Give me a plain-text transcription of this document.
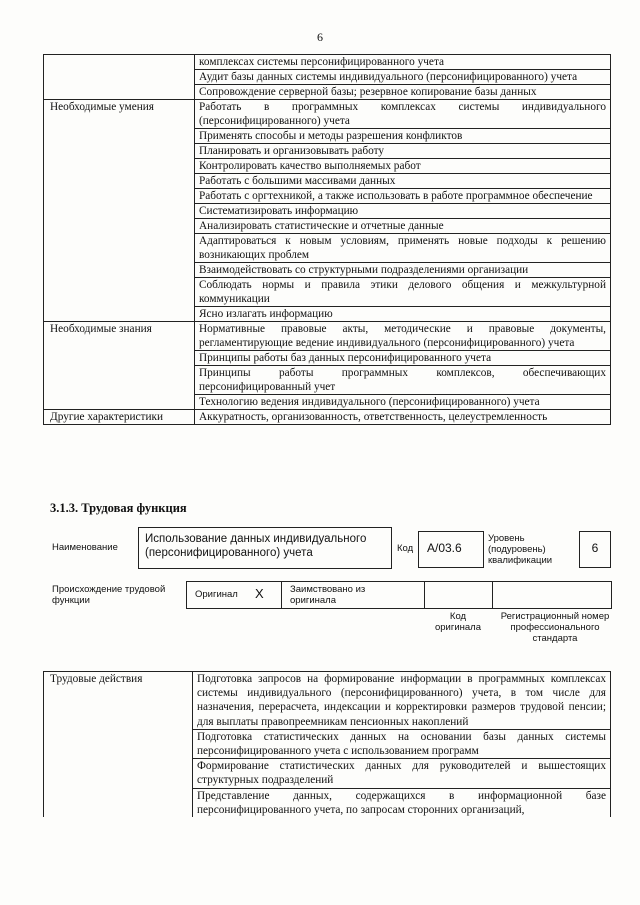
6
	комплексах системы персонифицированного учета
	Аудит базы данных системы индивидуального (персонифицированного) учета
	Сопровождение серверной базы; резервное копирование базы данных
Необходимые умения	Работать в программных комплексах системы индивидуального (персонифицированного) учета
	Применять способы и методы разрешения конфликтов
	Планировать и организовывать работу
	Контролировать качество выполняемых работ
	Работать с большими массивами данных
	Работать с оргтехникой, а также использовать в работе программное обеспечение
	Систематизировать информацию
	Анализировать статистические и отчетные данные
	Адаптироваться к новым условиям, применять новые подходы к решению возникающих проблем
	Взаимодействовать со структурными подразделениями организации
	Соблюдать нормы и правила этики делового общения и межкультурной коммуникации
	Ясно излагать информацию
Необходимые знания	Нормативные правовые акты, методические и правовые документы, регламентирующие ведение индивидуального (персонифицированного) учета
	Принципы работы баз данных персонифицированного учета
	Принципы работы программных комплексов, обеспечивающих персонифицированный учет
	Технологию ведения индивидуального (персонифицированного) учета
Другие характеристики	Аккуратность, организованность, ответственность, целеустремленность
3.1.3. Трудовая функция
Наименование
Использование данных индивидуального (персонифицированного) учета	Код	A/03.6
Уровень (подуровень) квалификации
6
Происхождение трудовой функции
Оригинал X	Заимствовано из оригинала
Код оригинала
Регистрационный номер профессионального стандарта
Трудовые действия	Подготовка запросов на формирование информации в программных комплексах системы индивидуального (персонифицированного) учета, в том числе для назначения, перерасчета, индексации и корректировки размеров трудовой пенсии; для выплаты правопреемникам пенсионных накоплений
Подготовка статистических данных на основании базы данных системы персонифицированного учета с использованием программ
Формирование статистических данных для руководителей и вышестоящих структурных подразделений
Представление данных, содержащихся в информационной базе персонифицированного учета, по запросам сторонних организаций,
